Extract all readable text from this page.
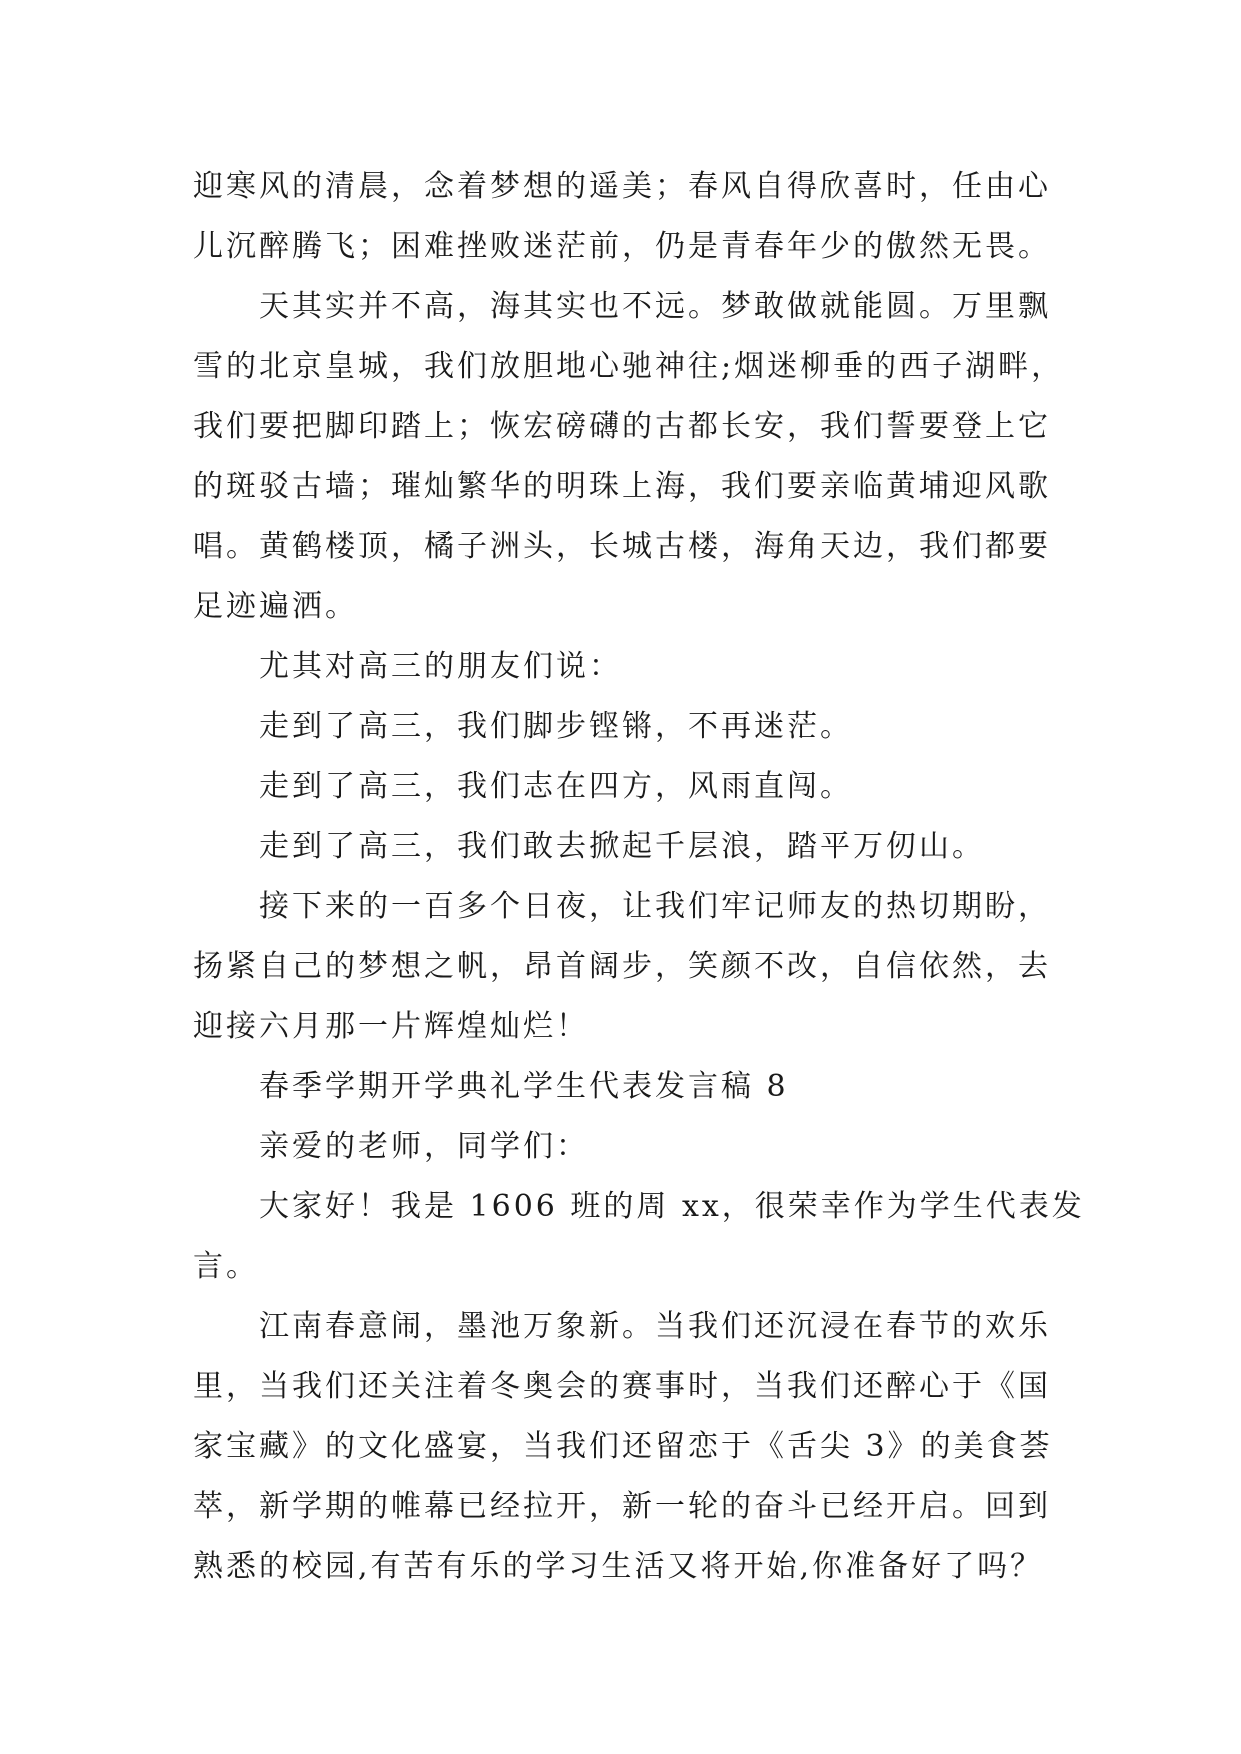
迎寒风的清晨，念着梦想的遥美；春风自得欣喜时，任由心
儿沉醉腾飞；困难挫败迷茫前，仍是青春年少的傲然无畏。
天其实并不高，海其实也不远。梦敢做就能圆。万里飘
雪的北京皇城，我们放胆地心驰神往;烟迷柳垂的西子湖畔，
我们要把脚印踏上；恢宏磅礴的古都长安，我们誓要登上它
的斑驳古墙；璀灿繁华的明珠上海，我们要亲临黄埔迎风歌
唱。黄鹤楼顶，橘子洲头，长城古楼，海角天边，我们都要
足迹遍洒。
尤其对高三的朋友们说：
走到了高三，我们脚步铿锵，不再迷茫。
走到了高三，我们志在四方，风雨直闯。
走到了高三，我们敢去掀起千层浪，踏平万仞山。
接下来的一百多个日夜，让我们牢记师友的热切期盼，
扬紧自己的梦想之帆，昂首阔步，笑颜不改，自信依然，去
迎接六月那一片辉煌灿烂！
春季学期开学典礼学生代表发言稿 8
亲爱的老师，同学们：
大家好！我是 1606 班的周 xx，很荣幸作为学生代表发
言。
江南春意闹，墨池万象新。当我们还沉浸在春节的欢乐
里，当我们还关注着冬奥会的赛事时，当我们还醉心于《国
家宝藏》的文化盛宴，当我们还留恋于《舌尖 3》的美食荟
萃，新学期的帷幕已经拉开，新一轮的奋斗已经开启。回到
熟悉的校园,有苦有乐的学习生活又将开始,你准备好了吗？
